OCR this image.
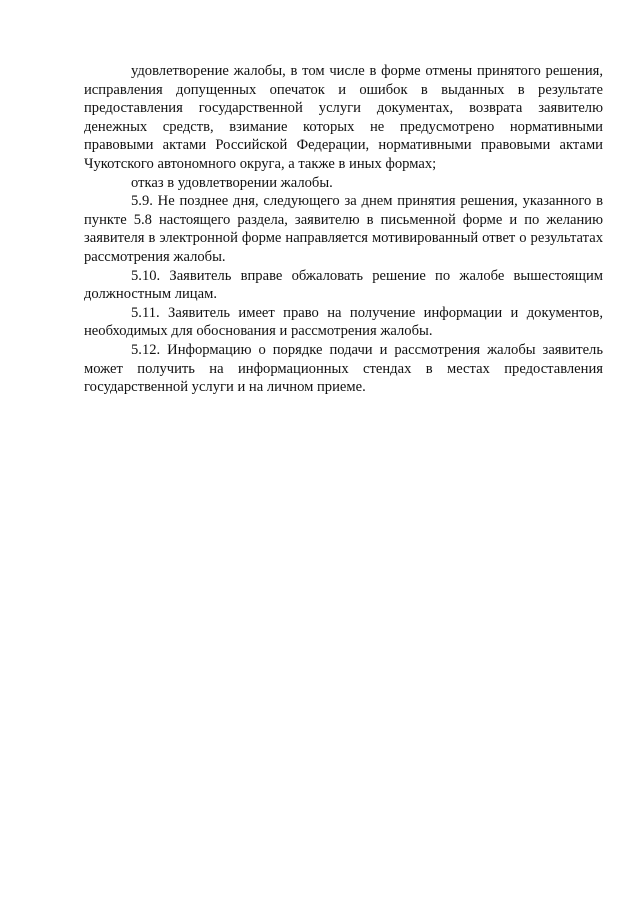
удовлетворение жалобы, в том числе в форме отмены принятого решения, исправления допущенных опечаток и ошибок в выданных в результате предоставления государственной услуги документах, возврата заявителю денежных средств, взимание которых не предусмотрено нормативными правовыми актами Российской Федерации, нормативными правовыми актами Чукотского автономного округа, а также в иных формах;

отказ в удовлетворении жалобы.

5.9. Не позднее дня, следующего за днем принятия решения, указанного в пункте 5.8 настоящего раздела, заявителю в письменной форме и по желанию заявителя в электронной форме направляется мотивированный ответ о результатах рассмотрения жалобы.

5.10. Заявитель вправе обжаловать решение по жалобе вышестоящим должностным лицам.

5.11. Заявитель имеет право на получение информации и документов, необходимых для обоснования и рассмотрения жалобы.

5.12. Информацию о порядке подачи и рассмотрения жалобы заявитель может получить на информационных стендах в местах предоставления государственной услуги и на личном приеме.
